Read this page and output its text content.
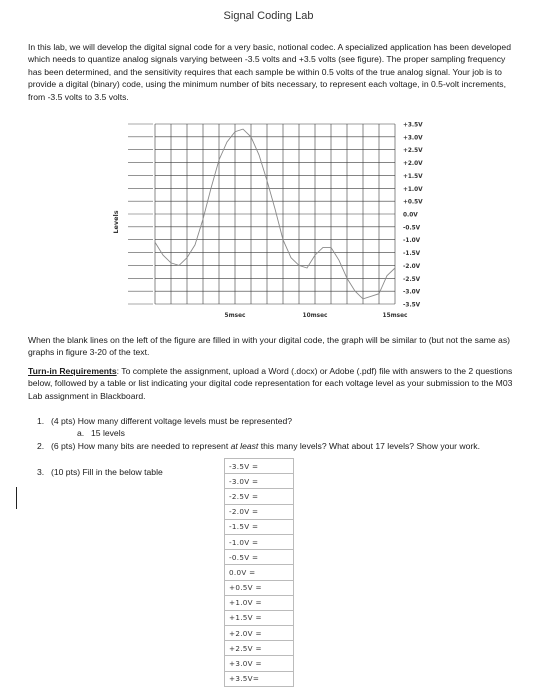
Signal Coding Lab
In this lab, we will develop the digital signal code for a very basic, notional codec. A specialized application has been developed which needs to quantize analog signals varying between -3.5 volts and +3.5 volts (see figure). The proper sampling frequency has been determined, and the sensitivity requires that each sample be within 0.5 volts of the true analog signal. Your job is to provide a digital (binary) code, using the minimum number of bits necessary, to represent each voltage, in 0.5-volt increments, from -3.5 volts to 3.5 volts.
+3.5V
+3.0V
+2.5V
+2.0V
+1.5V
+1.0V
+0.5V
0.0V
-0.5V
-1.0V
-1.5V
-2.0V
-2.5V
-3.0V
-3.5V
5msec	10msec	15msec
Levels
When the blank lines on the left of the figure are filled in with your digital code, the graph will be similar to (but not the same as) graphs in figure 3-20 of the text.
Turn-in Requirements: To complete the assignment, upload a Word (.docx) or Adobe (.pdf) file with answers to the 2 questions below, followed by a table or list indicating your digital code representation for each voltage level as your submission to the M03 Lab assignment in Blackboard.
1. (4 pts) How many different voltage levels must be represented?
a. 15 levels
2. (6 pts) How many bits are needed to represent at least this many levels? What about 17 levels? Show your work.
3. (10 pts) Fill in the below table
-3.5V =
-3.0V =
-2.5V =
-2.0V =
-1.5V =
-1.0V =
-0.5V =
0.0V =
+0.5V =
+1.0V =
+1.5V =
+2.0V =
+2.5V =
+3.0V =
+3.5V=
